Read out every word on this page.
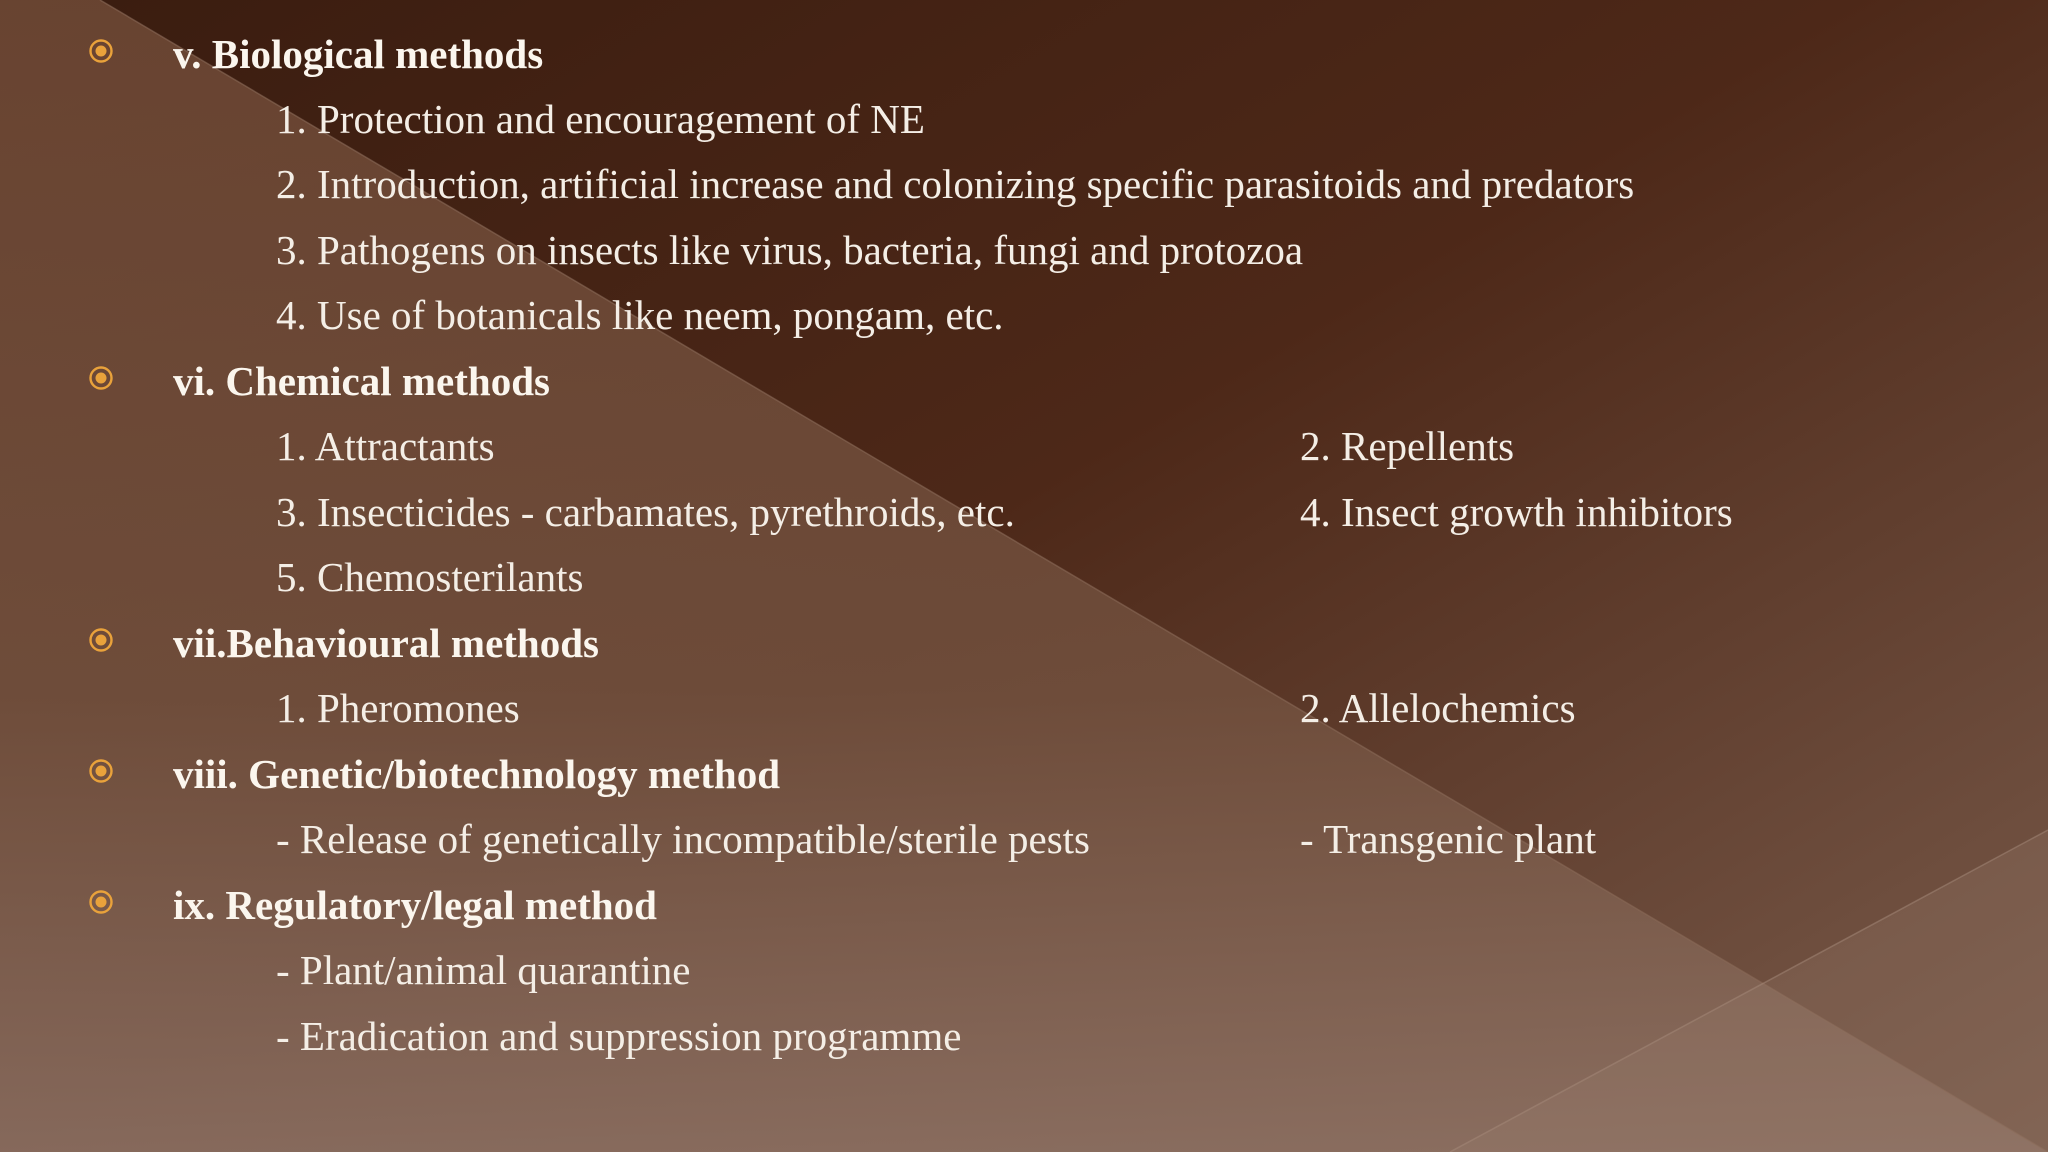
v. Biological methods
1. Protection and encouragement of NE
2. Introduction, artificial increase and colonizing specific parasitoids and predators
3. Pathogens on insects like virus, bacteria, fungi and protozoa
4. Use of botanicals like neem, pongam, etc.
vi. Chemical methods
1. Attractants	2. Repellents
3. Insecticides - carbamates, pyrethroids, etc.	4. Insect growth inhibitors
5. Chemosterilants
vii.Behavioural methods
1. Pheromones	2. Allelochemics
viii. Genetic/biotechnology method
- Release of genetically incompatible/sterile pests	- Transgenic plant
ix. Regulatory/legal method
- Plant/animal quarantine
- Eradication and suppression programme
